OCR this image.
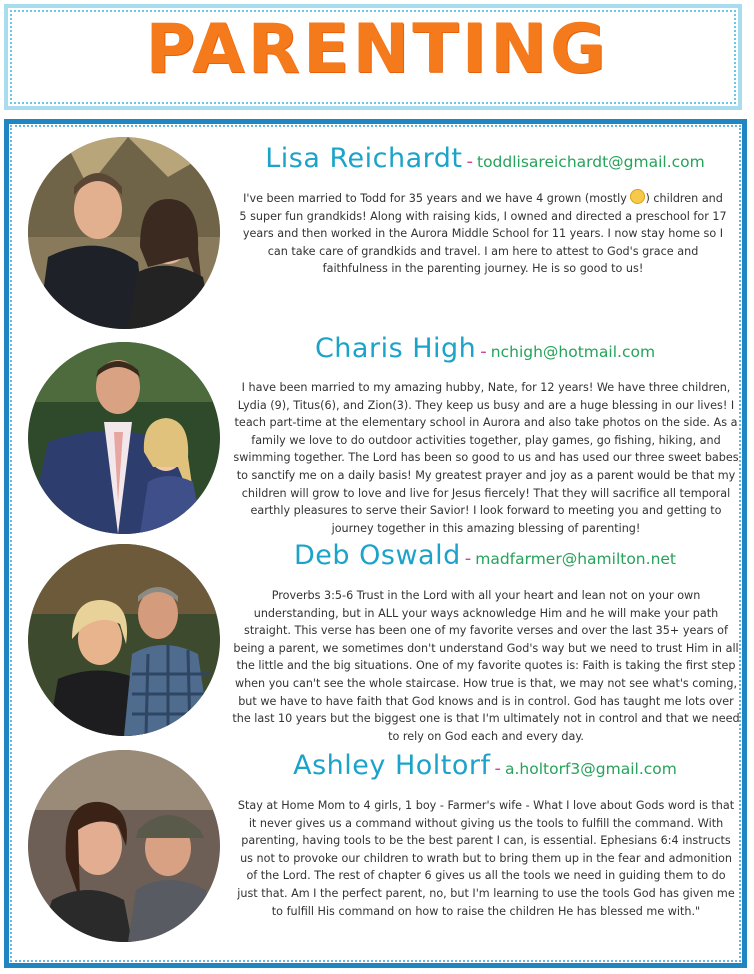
PARENTING
Lisa Reichardt - toddlisareichardt@gmail.com
I've been married to Todd for 35 years and we have 4 grown (mostly ) children and 5 super fun grandkids! Along with raising kids, I owned and directed a preschool for 17 years and then worked in the Aurora Middle School for 11 years. I now stay home so I can take care of grandkids and travel. I am here to attest to God's grace and faithfulness in the parenting journey. He is so good to us!
Charis High - nchigh@hotmail.com
I have been married to my amazing hubby, Nate, for 12 years! We have three children, Lydia (9), Titus(6), and Zion(3). They keep us busy and are a huge blessing in our lives! I teach part-time at the elementary school in Aurora and also take photos on the side. As a family we love to do outdoor activities together, play games, go fishing, hiking, and swimming together. The Lord has been so good to us and has used our three sweet babes to sanctify me on a daily basis! My greatest prayer and joy as a parent would be that my children will grow to love and live for Jesus fiercely! That they will sacrifice all temporal earthly pleasures to serve their Savior! I look forward to meeting you and getting to journey together in this amazing blessing of parenting!
Deb Oswald - madfarmer@hamilton.net
Proverbs 3:5-6 Trust in the Lord with all your heart and lean not on your own understanding, but in ALL your ways acknowledge Him and he will make your path straight. This verse has been one of my favorite verses and over the last 35+ years of being a parent, we sometimes don't understand God's way but we need to trust Him in all the little and the big situations. One of my favorite quotes is: Faith is taking the first step when you can't see the whole staircase. How true is that, we may not see what's coming, but we have to have faith that God knows and is in control. God has taught me lots over the last 10 years but the biggest one is that I'm ultimately not in control and that we need to rely on God each and every day.
Ashley Holtorf - a.holtorf3@gmail.com
Stay at Home Mom to 4 girls, 1 boy - Farmer's wife - What I love about Gods word is that it never gives us a command without giving us the tools to fulfill the command. With parenting, having tools to be the best parent I can, is essential. Ephesians 6:4 instructs us not to provoke our children to wrath but to bring them up in the fear and admonition of the Lord. The rest of chapter 6 gives us all the tools we need in guiding them to do just that. Am I the perfect parent, no, but I'm learning to use the tools God has given me to fulfill His command on how to raise the children He has blessed me with."
